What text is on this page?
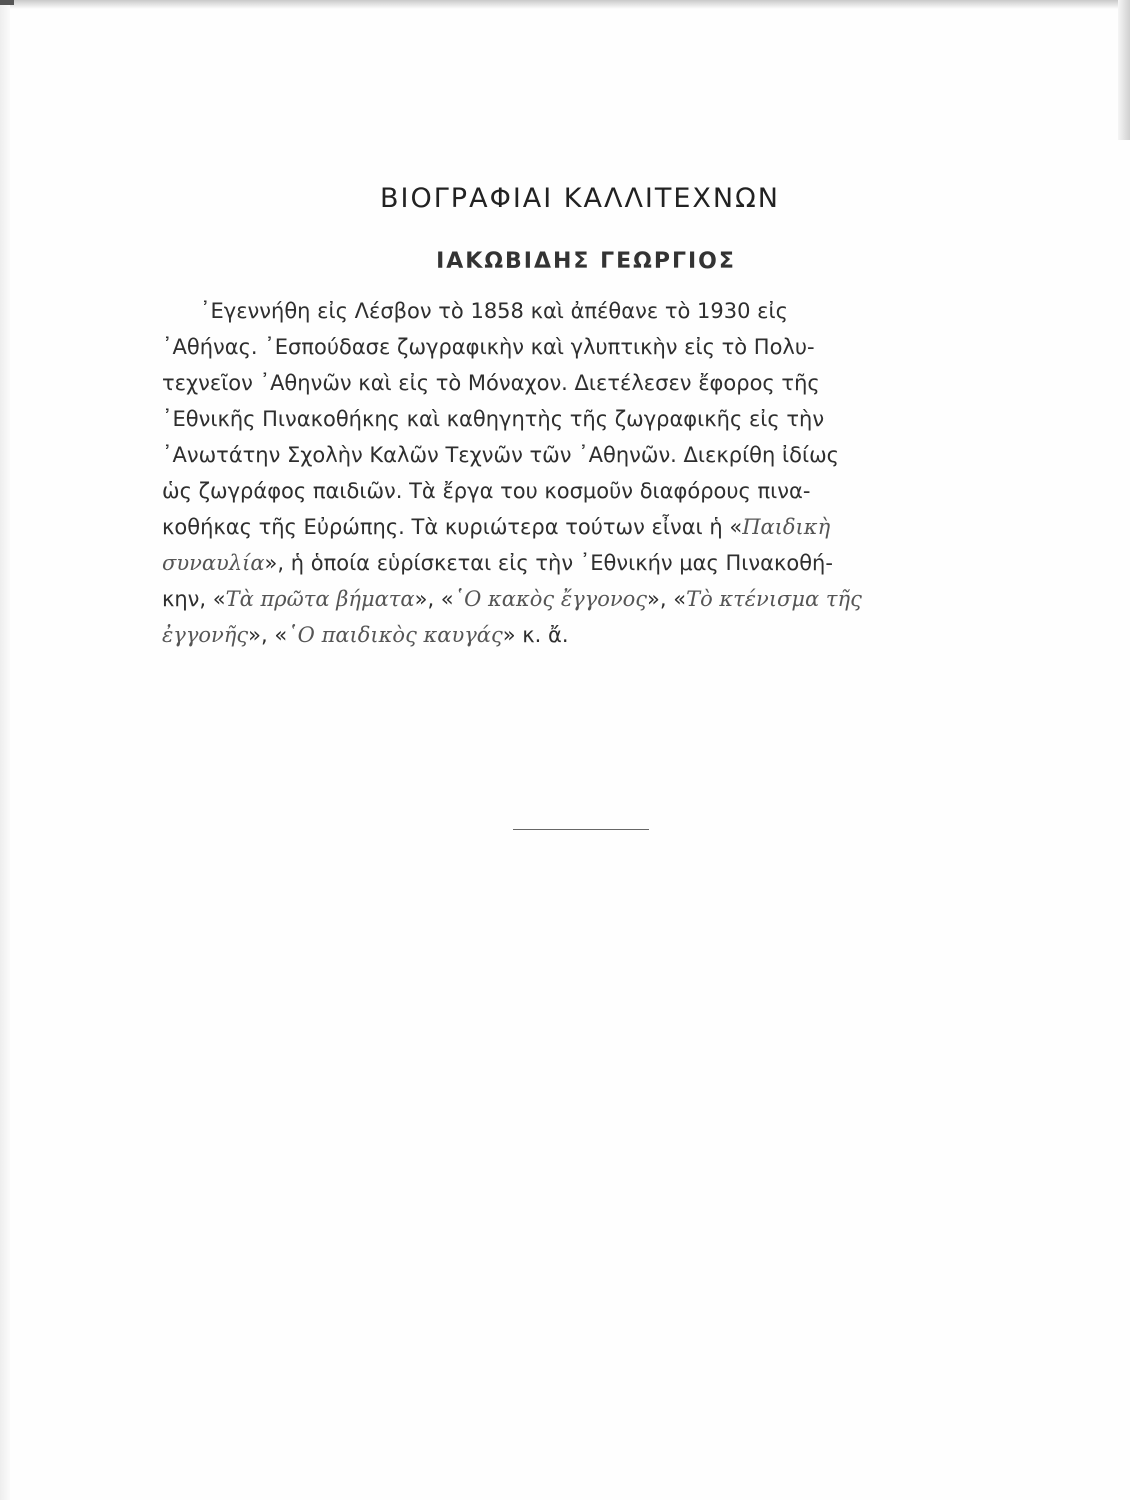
ΒΙΟΓΡΑΦΙΑΙ ΚΑΛΛΙΤΕΧΝΩΝ
ΙΑΚΩΒΙΔΗΣ ΓΕΩΡΓΙΟΣ
᾿Εγεννήθη εἰς Λέσβον τὸ 1858 καὶ ἀπέθανε τὸ 1930 εἰς
᾿Αθήνας. ᾿Εσπούδασε ζωγραφικὴν καὶ γλυπτικὴν εἰς τὸ Πολυ-
τεχνεῖον ᾿Αθηνῶν καὶ εἰς τὸ Μόναχον. Διετέλεσεν ἔφορος τῆς
᾿Εθνικῆς Πινακοθήκης καὶ καθηγητὴς τῆς ζωγραφικῆς εἰς τὴν
᾿Ανωτάτην Σχολὴν Καλῶν Τεχνῶν τῶν ᾿Αθηνῶν. Διεκρίθη ἰδίως
ὡς ζωγράφος παιδιῶν. Τὰ ἔργα του κοσμοῦν διαφόρους πινα-
κοθήκας τῆς Εὐρώπης. Τὰ κυριώτερα τούτων εἶναι ἡ «Παιδικὴ
συναυλία», ἡ ὁποία εὑρίσκεται εἰς τὴν ᾿Εθνικήν μας Πινακοθή-
κην, «Τὰ πρῶτα βήματα», «῾Ο κακὸς ἔγγονος», «Τὸ κτένισμα τῆς
ἐγγονῆς», «῾Ο παιδικὸς καυγάς» κ. ἄ.
